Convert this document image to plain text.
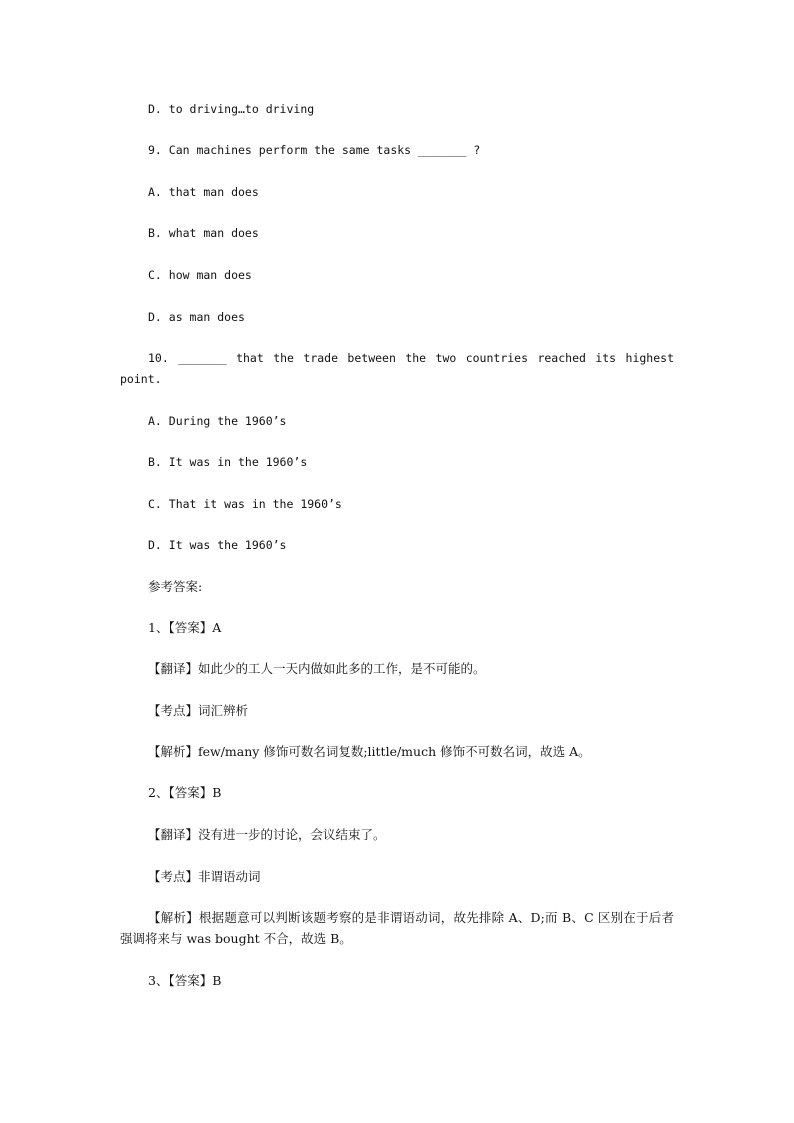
D. to driving…to driving
9. Can machines perform the same tasks _______ ?
A. that man does
B. what man does
C. how man does
D. as man does
10. _______ that the trade between the two countries reached its highest point.
A. During the 1960’s
B. It was in the 1960’s
C. That it was in the 1960’s
D. It was the 1960’s
参考答案:
1、【答案】A
【翻译】如此少的工人一天内做如此多的工作，是不可能的。
【考点】词汇辨析
【解析】few/many 修饰可数名词复数;little/much 修饰不可数名词，故选 A。
2、【答案】B
【翻译】没有进一步的讨论，会议结束了。
【考点】非谓语动词
【解析】根据题意可以判断该题考察的是非谓语动词，故先排除 A、D;而 B、C 区别在于后者强调将来与 was bought 不合，故选 B。
3、【答案】B
